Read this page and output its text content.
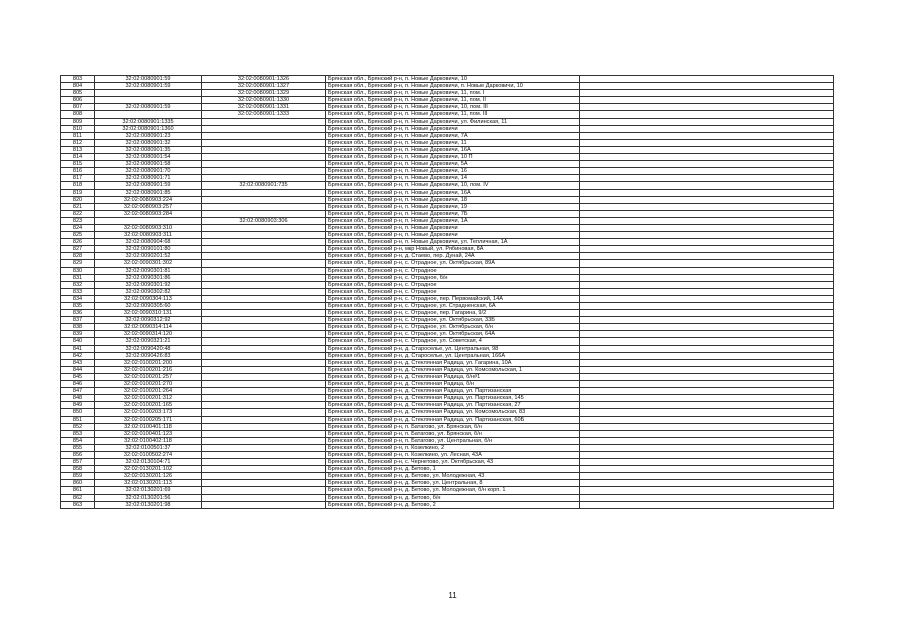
803	32:02:0080901:59	32:02:0080901:1326	Брянская обл., Брянский р-н, п. Новые Дарковичи, 10	
804	32:02:0080901:59	32:02:0080901:1327	Брянская обл., Брянский р-н, п. Новые Дарковичи, п. Новые Дарковичи, 10	
805		32:02:0080901:1329	Брянская обл., Брянский р-н, п. Новые Дарковичи, 11, пом. I	
806		32:02:0080901:1330	Брянская обл., Брянский р-н, п. Новые Дарковичи, 11, пом. II	
807	32:02:0080901:59	32:02:0080901:1331	Брянская обл., Брянский р-н, п. Новые Дарковичи, 10, пом. III	
808		32:02:0080901:1333	Брянская обл., Брянский р-н, п. Новые Дарковичи, 11, пом. III	
809	32:02:0080901:1335		Брянская обл., Брянский р-н, п. Новые Дарковичи, ул. Филинская, 11	
810	32:02:0080901:1360		Брянская обл., Брянский р-н, п. Новые Дарковичи	
811	32:02:0080901:23		Брянская обл., Брянский р-н, п. Новые Дарковичи, 7А	
812	32:02:0080901:32		Брянская обл., Брянский р-н, п. Новые Дарковичи, 11	
813	32:02:0080901:35		Брянская обл., Брянский р-н, п. Новые Дарковичи, 16А	
814	32:02:0080901:54		Брянская обл., Брянский р-н, п. Новые Дарковичи, 10 П	
815	32:02:0080901:58		Брянская обл., Брянский р-н, п. Новые Дарковичи, 5А	
816	32:02:0080901:70		Брянская обл., Брянский р-н, п. Новые Дарковичи, 16	
817	32:02:0080901:71		Брянская обл., Брянский р-н, п. Новые Дарковичи, 14	
818	32:02:0080901:59	32:02:0080901:735	Брянская обл., Брянский р-н, п. Новые Дарковичи, 10, пом. IV	
819	32:02:0080901:85		Брянская обл., Брянский р-н, п. Новые Дарковичи, 16А	
820	32:02:0080903:224		Брянская обл., Брянский р-н, п. Новые Дарковичи, 18	
821	32:02:0080903:257		Брянская обл., Брянский р-н, п. Новые Дарковичи, 19	
822	32:02:0080903:284		Брянская обл., Брянский р-н, п. Новые Дарковичи, 7Б	
823		32:02:0080903:306	Брянская обл., Брянский р-н, п. Новые Дарковичи, 1А	
824	32:02:0080903:310		Брянская обл., Брянский р-н, п. Новые Дарковичи	
825	32:02:0080903:311		Брянская обл., Брянский р-н, п. Новые Дарковичи	
826	32:02:0080904:68		Брянская обл., Брянский р-н, п. Новые Дарковичи, ул. Тепличная, 1А	
827	32:02:0090101:80		Брянская обл., Брянский р-н, мкр Новый, ул. Рябиновая, 8А	
828	32:02:0090201:52		Брянская обл., Брянский р-н, д. Стаево, пер. Дунай, 24А	
829	32:02:0090301:302		Брянская обл., Брянский р-н, с. Отрадное, ул. Октябрьская, 89А	
830	32:02:0090301:81		Брянская обл., Брянский р-н, с. Отрадное	
831	32:02:0090301:86		Брянская обл., Брянский р-н, с. Отрадное, б/н	
832	32:02:0090301:92		Брянская обл., Брянский р-н, с. Отрадное	
833	32:02:0090302:82		Брянская обл., Брянский р-н, с. Отрадное	
834	32:02:0090304:113		Брянская обл., Брянский р-н, с. Отрадное, пер. Первомайский, 14А	
835	32:02:0090305:60		Брянская обл., Брянский р-н, с. Отрадное, ул. Страдненская, 6А	
836	32:02:0090310:131		Брянская обл., Брянский р-н, с. Отрадное, пер. Гагарина, 9/2	
837	32:02:0090312:92		Брянская обл., Брянский р-н, с. Отрадное, ул. Октябрьская, 33Б	
838	32:02:0090314:114		Брянская обл., Брянский р-н, с. Отрадное, ул. Октябрьская, б/н	
839	32:02:0090314:120		Брянская обл., Брянский р-н, с. Отрадное, ул. Октябрьская, 64А	
840	32:02:0090321:21		Брянская обл., Брянский р-н, с. Отрадное, ул. Советская, 4	
841	32:02:0090420:48		Брянская обл., Брянский р-н, д. Староселье, ул. Центральная, 98	
842	32:02:0090426:83		Брянская обл., Брянский р-н, д. Староселье, ул. Центральная, 166А	
843	32:02:0100201:200		Брянская обл., Брянский р-н, д. Стеклянная Радица, ул. Гагарина, 10А	
844	32:02:0100201:216		Брянская обл., Брянский р-н, д. Стеклянная Радица, ул. Комсомольская, 1	
845	32:02:0100201:257		Брянская обл., Брянский р-н, д. Стеклянная Радица, б/н#1	
846	32:02:0100201:270		Брянская обл., Брянский р-н, д. Стеклянная Радица, б/н	
847	32:02:0100201:264		Брянская обл., Брянский р-н, д. Стеклянная Радица, ул. Партизанская	
848	32:02:0100201:312		Брянская обл., Брянский р-н, д. Стеклянная Радица, ул. Партизанская, 145	
849	32:02:0100201:165		Брянская обл., Брянский р-н, д. Стеклянная Радица, ул. Партизанская, 27	
850	32:02:0100203:173		Брянская обл., Брянский р-н, д. Стеклянная Радица, ул. Комсомольская, 83	
851	32:02:0100205:171		Брянская обл., Брянский р-н, д. Стеклянная Радица, ул. Партизанская, 60Б	
852	32:02:0100401:118		Брянская обл., Брянский р-н, п. Батагово, ул. Брянская, б/н	
853	32:02:0100401:123		Брянская обл., Брянский р-н, п. Батагово, ул. Брянская, б/н	
854	32:02:0100402:118		Брянская обл., Брянский р-н, п. Батагово, ул. Центральная, б/н	
855	32:02:0100501:37		Брянская обл., Брянский р-н, п. Козелкино, 2	
856	32:02:0100502:274		Брянская обл., Брянский р-н, п. Козелкино, ул. Лесная, 43А	
857	32:02:0130104:71		Брянская обл., Брянский р-н, с. Чернетово, ул. Октябрьская, 43	
858	32:02:0130201:102		Брянская обл., Брянский р-н, д. Бетово, 1	
859	32:02:0130201:126		Брянская обл., Брянский р-н, д. Бетово, ул. Молодежная, 43	
860	32:02:0130201:113		Брянская обл., Брянский р-н, д. Бетово, ул. Центральная, 8	
861	32:02:0130201:69		Брянская обл., Брянский р-н, д. Бетово, ул. Молодежная, б/н корп. 1	
862	32:02:0130201:56		Брянская обл., Брянский р-н, д. Бетово, б/н	
863	32:02:0130201:98		Брянская обл., Брянский р-н, д. Бетово, 2	
11
